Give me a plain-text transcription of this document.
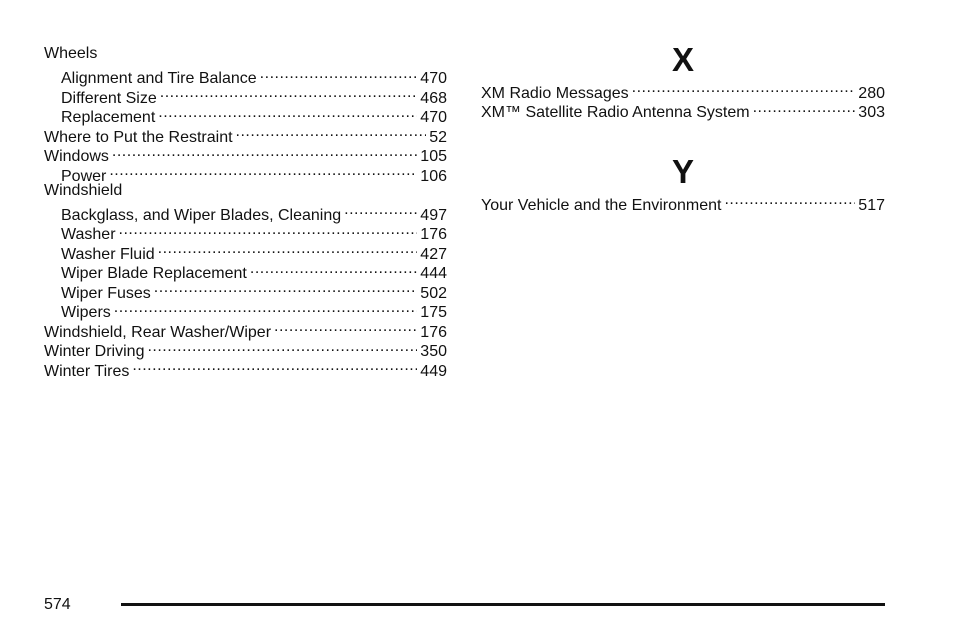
Wheels
Alignment and Tire Balance .....	470
Different Size .....	468
Replacement .....	470
Where to Put the Restraint .....	52
Windows .....	105
Power .....	106
Windshield
Backglass, and Wiper Blades, Cleaning .....	497
Washer .....	176
Washer Fluid .....	427
Wiper Blade Replacement .....	444
Wiper Fuses .....	502
Wipers .....	175
Windshield, Rear Washer/Wiper .....	176
Winter Driving .....	350
Winter Tires .....	449
X
XM Radio Messages .....	280
XM™ Satellite Radio Antenna System .....	303
Y
Your Vehicle and the Environment .....	517
574
